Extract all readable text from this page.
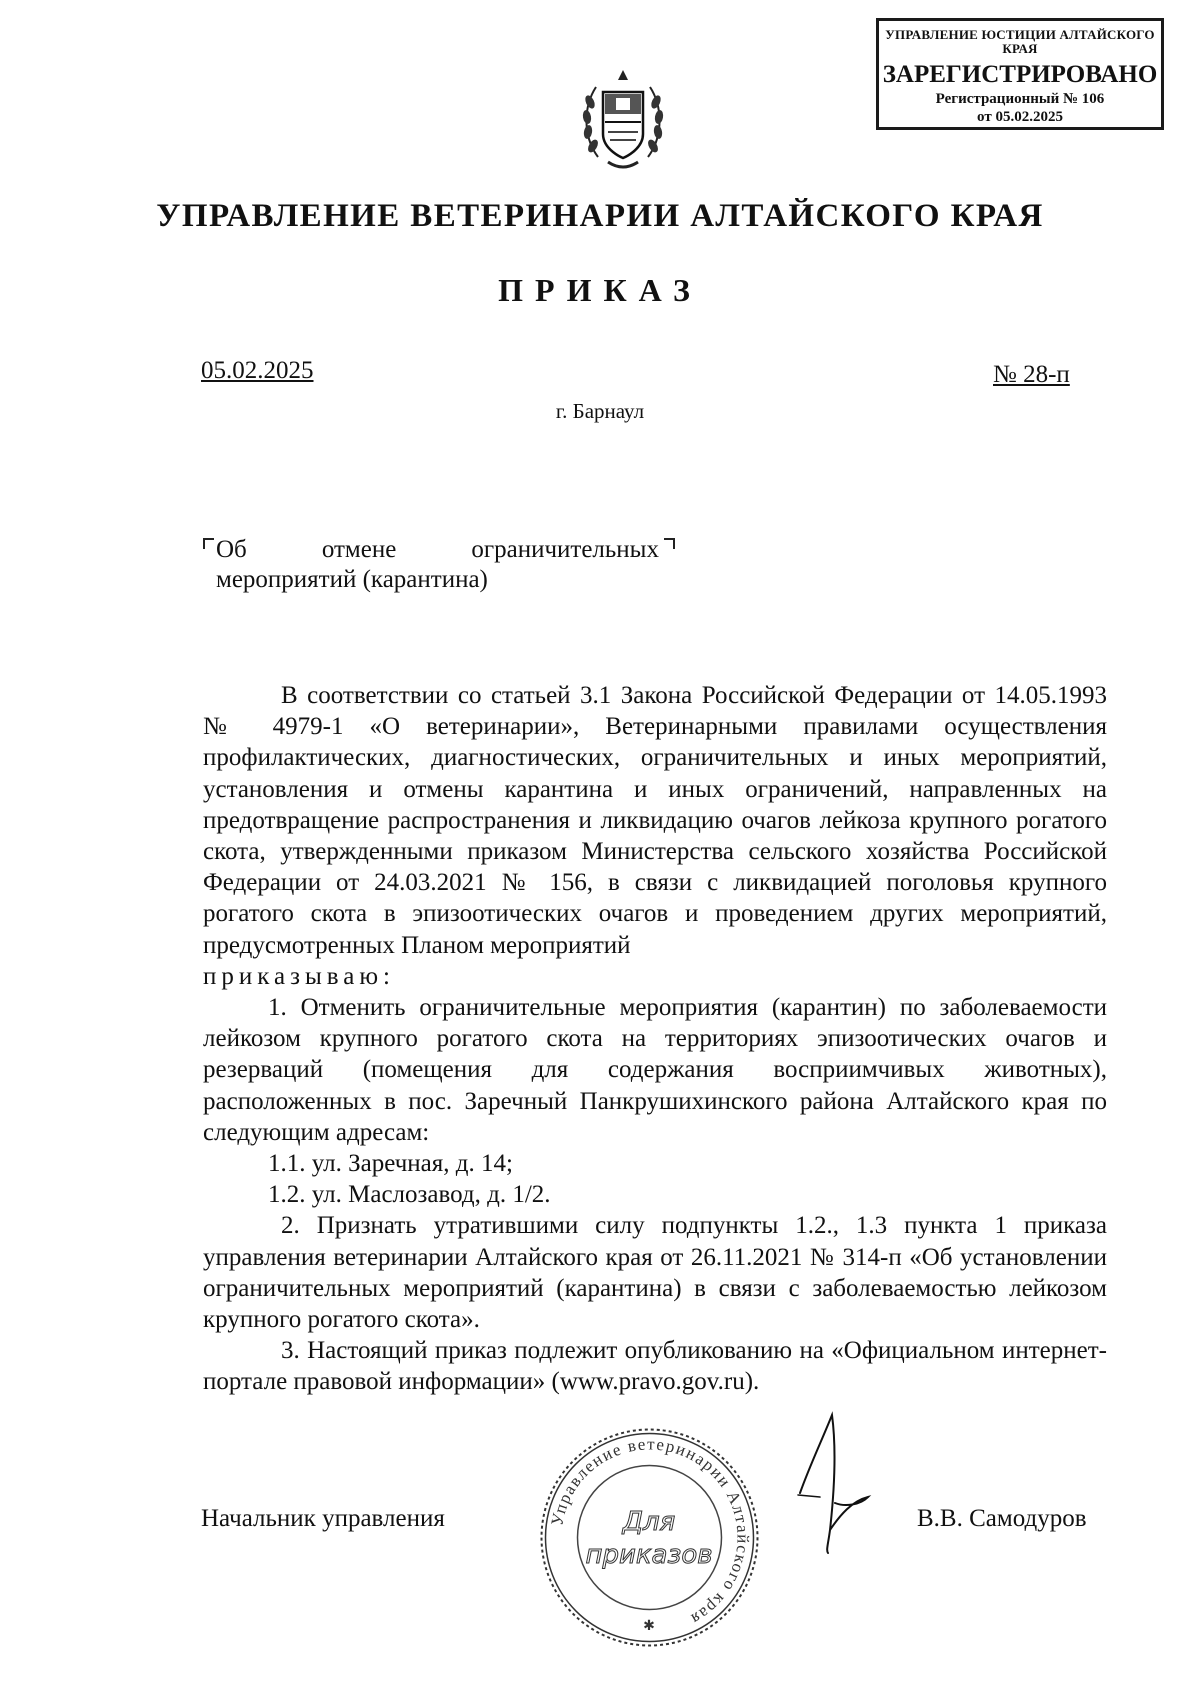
УПРАВЛЕНИЕ ЮСТИЦИИ АЛТАЙСКОГО КРАЯ
ЗАРЕГИСТРИРОВАНО
Регистрационный № 106
от 05.02.2025
УПРАВЛЕНИЕ ВЕТЕРИНАРИИ АЛТАЙСКОГО КРАЯ
ПРИКАЗ
05.02.2025	№ 28-п
г. Барнаул
Об	отмене	ограничительных
мероприятий (карантина)

В соответствии со статьей 3.1 Закона Российской Федерации от 14.05.1993 № 4979-1 «О ветеринарии», Ветеринарными правилами осуществления профилактических, диагностических, ограничительных и иных мероприятий, установления и отмены карантина и иных ограничений, направленных на предотвращение распространения и ликвидацию очагов лейкоза крупного рогатого скота, утвержденными приказом Министерства сельского хозяйства Российской Федерации от 24.03.2021 № 156, в связи с ликвидацией поголовья крупного рогатого скота в эпизоотических очагов и проведением других мероприятий, предусмотренных Планом мероприятий

приказываю:

1. Отменить ограничительные мероприятия (карантин) по заболеваемости лейкозом крупного рогатого скота на территориях эпизоотических очагов и резерваций (помещения для содержания восприимчивых животных), расположенных в пос. Заречный Панкрушихинского района Алтайского края по следующим адресам:

1.1. ул. Заречная, д. 14;

1.2. ул. Маслозавод, д. 1/2.

2. Признать утратившими силу подпункты 1.2., 1.3 пункта 1 приказа управления ветеринарии Алтайского края от 26.11.2021 № 314-п «Об установлении ограничительных мероприятий (карантина) в связи с заболеваемостью лейкозом крупного рогатого скота».

3. Настоящий приказ подлежит опубликованию на «Официальном интернет-портале правовой информации» (www.pravo.gov.ru).

Начальник управления	Управление ветеринарии Алтайского края
Для
приказов
✱
В.В. Самодуров
